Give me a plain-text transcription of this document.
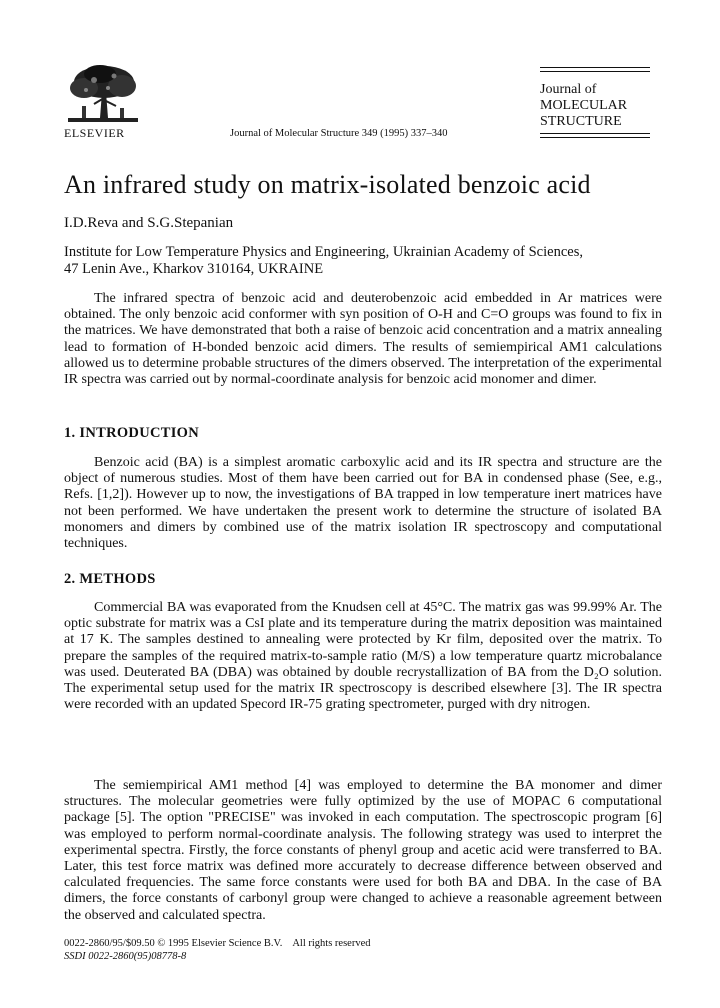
ELSEVIER	Journal of Molecular Structure 349 (1995) 337–340
Journal of
MOLECULAR
STRUCTURE
An infrared study on matrix-isolated benzoic acid
I.D.Reva and S.G.Stepanian
Institute for Low Temperature Physics and Engineering, Ukrainian Academy of Sciences,
47 Lenin Ave., Kharkov 310164, UKRAINE
The infrared spectra of benzoic acid and deuterobenzoic acid embedded in Ar matrices were obtained. The only benzoic acid conformer with syn position of O-H and C=O groups was found to fix in the matrices. We have demonstrated that both a raise of benzoic acid concentration and a matrix annealing lead to formation of H-bonded benzoic acid dimers. The results of semiempirical AM1 calculations allowed us to determine probable structures of the dimers observed. The interpretation of the experimental IR spectra was carried out by normal-coordinate analysis for benzoic acid monomer and dimer.
1. INTRODUCTION
Benzoic acid (BA) is a simplest aromatic carboxylic acid and its IR spectra and structure are the object of numerous studies. Most of them have been carried out for BA in condensed phase (See, e.g., Refs. [1,2]). However up to now, the investigations of BA trapped in low temperature inert matrices have not been performed. We have undertaken the present work to determine the structure of isolated BA monomers and dimers by combined use of the matrix isolation IR spectroscopy and computational techniques.
2. METHODS
Commercial BA was evaporated from the Knudsen cell at 45°C. The matrix gas was 99.99% Ar. The optic substrate for matrix was a CsI plate and its temperature during the matrix deposition was maintained at 17 K. The samples destined to annealing were protected by Kr film, deposited over the matrix. To prepare the samples of the required matrix-to-sample ratio (M/S) a low temperature quartz microbalance was used. Deuterated BA (DBA) was obtained by double recrystallization of BA from the D₂O solution. The experimental setup used for the matrix IR spectroscopy is described elsewhere [3]. The IR spectra were recorded with an updated Specord IR-75 grating spectrometer, purged with dry nitrogen.
The semiempirical AM1 method [4] was employed to determine the BA monomer and dimer structures. The molecular geometries were fully optimized by the use of MOPAC 6 computational package [5]. The option "PRECISE" was invoked in each computation. The spectroscopic program [6] was employed to perform normal-coordinate analysis. The following strategy was used to interpret the experimental spectra. Firstly, the force constants of phenyl group and acetic acid were transferred to BA. Later, this test force matrix was defined more accurately to decrease difference between observed and calculated frequencies. The same force constants were used for both BA and DBA. In the case of BA dimers, the force constants of carbonyl group were changed to achieve a reasonable agreement between the observed and calculated spectra.
0022-2860/95/$09.50 © 1995 Elsevier Science B.V. All rights reserved
SSDI 0022-2860(95)08778-8
